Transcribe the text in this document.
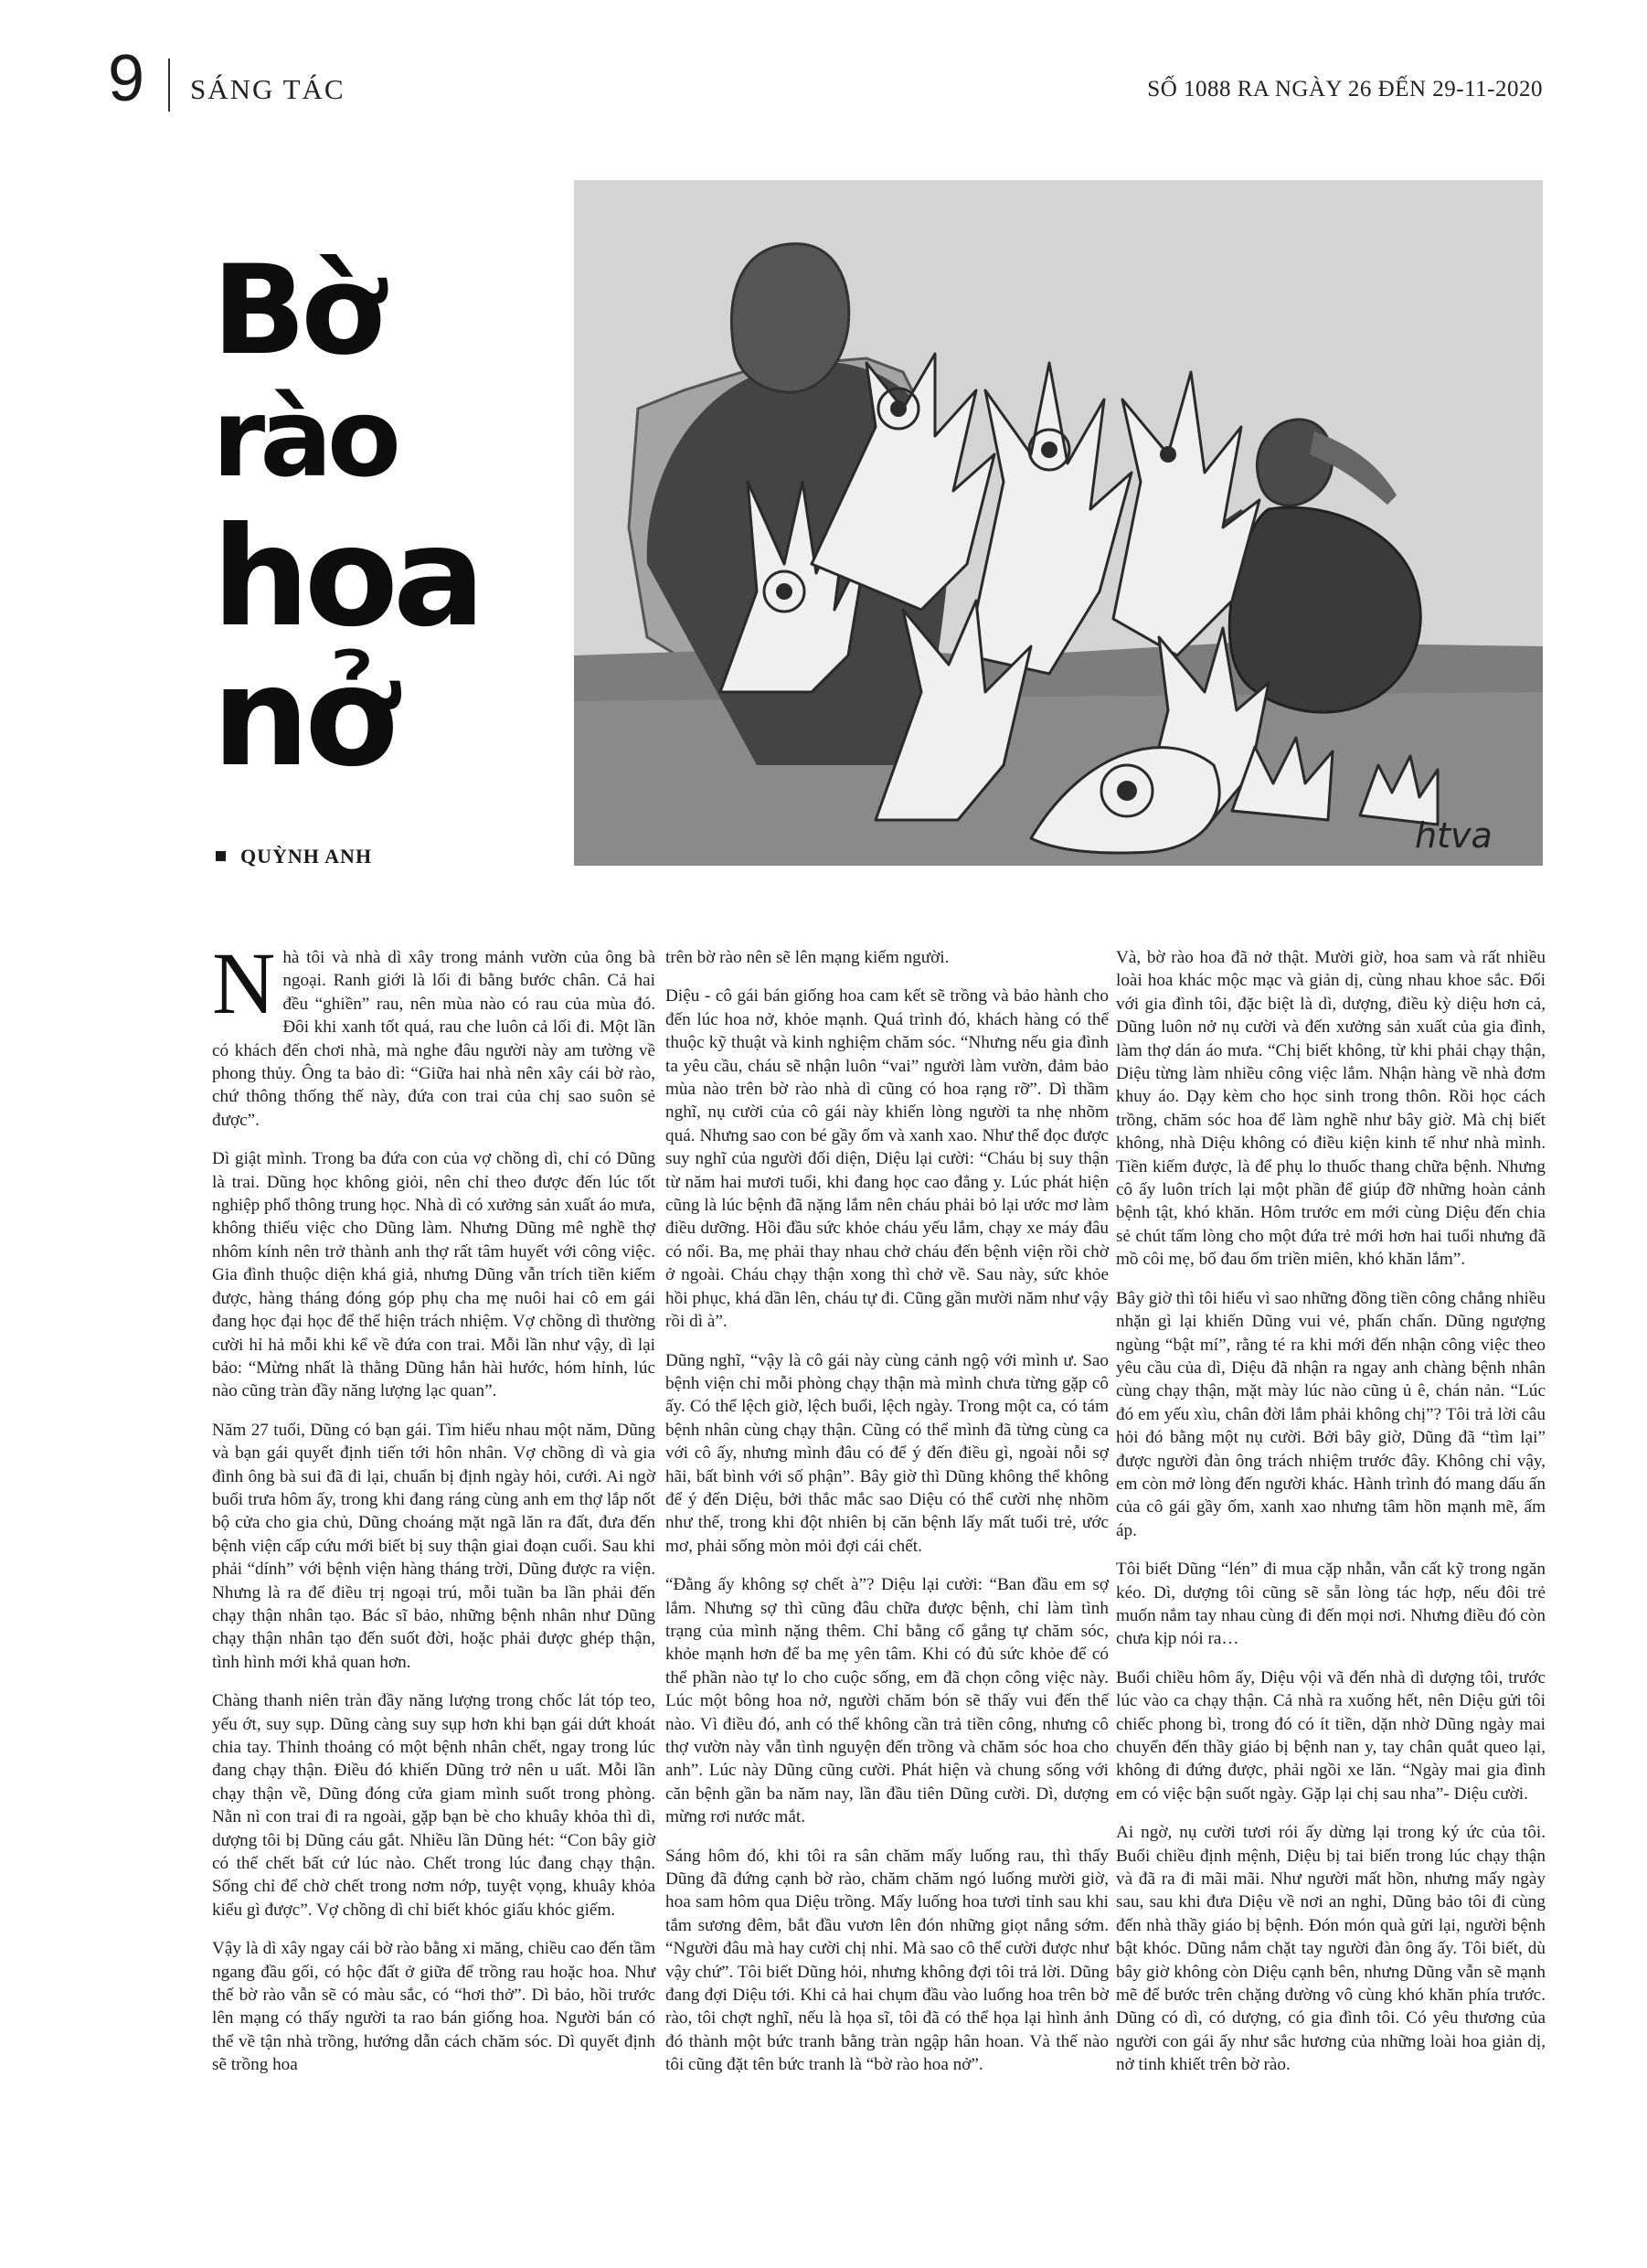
9 SÁNG TÁC	SỐ 1088 RA NGÀY 26 ĐẾN 29-11-2020
Bờ
rào
hoa
nở
QUỲNH ANH
htva

Nhà tôi và nhà dì xây trong mảnh vườn của ông bà ngoại. Ranh giới là lối đi bằng bước chân. Cả hai đều “ghiền” rau, nên mùa nào có rau của mùa đó. Đôi khi xanh tốt quá, rau che luôn cả lối đi. Một lần có khách đến chơi nhà, mà nghe đâu người này am tường về phong thủy. Ông ta bảo dì: “Giữa hai nhà nên xây cái bờ rào, chứ thông thống thế này, đứa con trai của chị sao suôn sẻ được”.

Dì giật mình. Trong ba đứa con của vợ chồng dì, chỉ có Dũng là trai. Dũng học không giỏi, nên chỉ theo được đến lúc tốt nghiệp phổ thông trung học. Nhà dì có xưởng sản xuất áo mưa, không thiếu việc cho Dũng làm. Nhưng Dũng mê nghề thợ nhôm kính nên trở thành anh thợ rất tâm huyết với công việc. Gia đình thuộc diện khá giả, nhưng Dũng vẫn trích tiền kiếm được, hàng tháng đóng góp phụ cha mẹ nuôi hai cô em gái đang học đại học để thể hiện trách nhiệm. Vợ chồng dì thường cười hỉ hả mỗi khi kể về đứa con trai. Mỗi lần như vậy, dì lại bảo: “Mừng nhất là thằng Dũng hắn hài hước, hóm hỉnh, lúc nào cũng tràn đầy năng lượng lạc quan”.

Năm 27 tuổi, Dũng có bạn gái. Tìm hiểu nhau một năm, Dũng và bạn gái quyết định tiến tới hôn nhân. Vợ chồng dì và gia đình ông bà sui đã đi lại, chuẩn bị định ngày hỏi, cưới. Ai ngờ buổi trưa hôm ấy, trong khi đang ráng cùng anh em thợ lắp nốt bộ cửa cho gia chủ, Dũng choáng mặt ngã lăn ra đất, đưa đến bệnh viện cấp cứu mới biết bị suy thận giai đoạn cuối. Sau khi phải “dính” với bệnh viện hàng tháng trời, Dũng được ra viện. Nhưng là ra để điều trị ngoại trú, mỗi tuần ba lần phải đến chạy thận nhân tạo. Bác sĩ bảo, những bệnh nhân như Dũng chạy thận nhân tạo đến suốt đời, hoặc phải được ghép thận, tình hình mới khả quan hơn.

Chàng thanh niên tràn đầy năng lượng trong chốc lát tóp teo, yếu ớt, suy sụp. Dũng càng suy sụp hơn khi bạn gái dứt khoát chia tay. Thỉnh thoảng có một bệnh nhân chết, ngay trong lúc đang chạy thận. Điều đó khiến Dũng trở nên u uất. Mỗi lần chạy thận về, Dũng đóng cửa giam mình suốt trong phòng. Nằn nì con trai đi ra ngoài, gặp bạn bè cho khuây khỏa thì dì, dượng tôi bị Dũng cáu gắt. Nhiều lần Dũng hét: “Con bây giờ có thể chết bất cứ lúc nào. Chết trong lúc đang chạy thận. Sống chỉ để chờ chết trong nơm nớp, tuyệt vọng, khuây khỏa kiểu gì được”. Vợ chồng dì chỉ biết khóc giấu khóc giếm.

Vậy là dì xây ngay cái bờ rào bằng xi măng, chiều cao đến tầm ngang đầu gối, có hộc đất ở giữa để trồng rau hoặc hoa. Như thế bờ rào vẫn sẽ có màu sắc, có “hơi thở”. Dì bảo, hồi trước lên mạng có thấy người ta rao bán giống hoa. Người bán có thể về tận nhà trồng, hướng dẫn cách chăm sóc. Dì quyết định sẽ trồng hoa

trên bờ rào nên sẽ lên mạng kiếm người.

Diệu - cô gái bán giống hoa cam kết sẽ trồng và bảo hành cho đến lúc hoa nở, khỏe mạnh. Quá trình đó, khách hàng có thể thuộc kỹ thuật và kinh nghiệm chăm sóc. “Nhưng nếu gia đình ta yêu cầu, cháu sẽ nhận luôn “vai” người làm vườn, đảm bảo mùa nào trên bờ rào nhà dì cũng có hoa rạng rỡ”. Dì thầm nghĩ, nụ cười của cô gái này khiến lòng người ta nhẹ nhõm quá. Nhưng sao con bé gầy ốm và xanh xao. Như thể đọc được suy nghĩ của người đối diện, Diệu lại cười: “Cháu bị suy thận từ năm hai mươi tuổi, khi đang học cao đẳng y. Lúc phát hiện cũng là lúc bệnh đã nặng lắm nên cháu phải bỏ lại ước mơ làm điều dưỡng. Hồi đầu sức khỏe cháu yếu lắm, chạy xe máy đâu có nổi. Ba, mẹ phải thay nhau chở cháu đến bệnh viện rồi chờ ở ngoài. Cháu chạy thận xong thì chở về. Sau này, sức khỏe hồi phục, khá dần lên, cháu tự đi. Cũng gần mười năm như vậy rồi dì à”.

Dũng nghĩ, “vậy là cô gái này cùng cảnh ngộ với mình ư. Sao bệnh viện chỉ mỗi phòng chạy thận mà mình chưa từng gặp cô ấy. Có thể lệch giờ, lệch buổi, lệch ngày. Trong một ca, có tám bệnh nhân cùng chạy thận. Cũng có thể mình đã từng cùng ca với cô ấy, nhưng mình đâu có để ý đến điều gì, ngoài nỗi sợ hãi, bất bình với số phận”. Bây giờ thì Dũng không thể không để ý đến Diệu, bởi thắc mắc sao Diệu có thể cười nhẹ nhõm như thế, trong khi đột nhiên bị căn bệnh lấy mất tuổi trẻ, ước mơ, phải sống mòn mỏi đợi cái chết.

“Đằng ấy không sợ chết à”? Diệu lại cười: “Ban đầu em sợ lắm. Nhưng sợ thì cũng đâu chữa được bệnh, chỉ làm tình trạng của mình nặng thêm. Chỉ bằng cố gắng tự chăm sóc, khỏe mạnh hơn để ba mẹ yên tâm. Khi có đủ sức khỏe để có thể phần nào tự lo cho cuộc sống, em đã chọn công việc này. Lúc một bông hoa nở, người chăm bón sẽ thấy vui đến thế nào. Vì điều đó, anh có thể không cần trả tiền công, nhưng cô thợ vườn này vẫn tình nguyện đến trồng và chăm sóc hoa cho anh”. Lúc này Dũng cũng cười. Phát hiện và chung sống với căn bệnh gần ba năm nay, lần đầu tiên Dũng cười. Dì, dượng mừng rơi nước mắt.

Sáng hôm đó, khi tôi ra sân chăm mấy luống rau, thì thấy Dũng đã đứng cạnh bờ rào, chăm chăm ngó luống mười giờ, hoa sam hôm qua Diệu trồng. Mấy luống hoa tươi tỉnh sau khi tắm sương đêm, bắt đầu vươn lên đón những giọt nắng sớm. “Người đâu mà hay cười chị nhỉ. Mà sao cô thể cười được như vậy chứ”. Tôi biết Dũng hỏi, nhưng không đợi tôi trả lời. Dũng đang đợi Diệu tới. Khi cả hai chụm đầu vào luống hoa trên bờ rào, tôi chợt nghĩ, nếu là họa sĩ, tôi đã có thể họa lại hình ảnh đó thành một bức tranh bằng tràn ngập hân hoan. Và thế nào tôi cũng đặt tên bức tranh là “bờ rào hoa nở”.

Và, bờ rào hoa đã nở thật. Mười giờ, hoa sam và rất nhiều loài hoa khác mộc mạc và giản dị, cùng nhau khoe sắc. Đối với gia đình tôi, đặc biệt là dì, dượng, điều kỳ diệu hơn cả, Dũng luôn nở nụ cười và đến xưởng sản xuất của gia đình, làm thợ dán áo mưa. “Chị biết không, từ khi phải chạy thận, Diệu từng làm nhiều công việc lắm. Nhận hàng về nhà đơm khuy áo. Dạy kèm cho học sinh trong thôn. Rồi học cách trồng, chăm sóc hoa để làm nghề như bây giờ. Mà chị biết không, nhà Diệu không có điều kiện kinh tế như nhà mình. Tiền kiếm được, là để phụ lo thuốc thang chữa bệnh. Nhưng cô ấy luôn trích lại một phần để giúp đỡ những hoàn cảnh bệnh tật, khó khăn. Hôm trước em mới cùng Diệu đến chia sẻ chút tấm lòng cho một đứa trẻ mới hơn hai tuổi nhưng đã mồ côi mẹ, bố đau ốm triền miên, khó khăn lắm”.

Bây giờ thì tôi hiểu vì sao những đồng tiền công chẳng nhiều nhặn gì lại khiến Dũng vui vẻ, phấn chấn. Dũng ngượng ngùng “bật mí”, rằng té ra khi mới đến nhận công việc theo yêu cầu của dì, Diệu đã nhận ra ngay anh chàng bệnh nhân cùng chạy thận, mặt mày lúc nào cũng ủ ê, chán nản. “Lúc đó em yếu xìu, chân đời lắm phải không chị”? Tôi trả lời câu hỏi đó bằng một nụ cười. Bởi bây giờ, Dũng đã “tìm lại” được người đàn ông trách nhiệm trước đây. Không chỉ vậy, em còn mở lòng đến người khác. Hành trình đó mang dấu ấn của cô gái gầy ốm, xanh xao nhưng tâm hồn mạnh mẽ, ấm áp.

Tôi biết Dũng “lén” đi mua cặp nhẫn, vẫn cất kỹ trong ngăn kéo. Dì, dượng tôi cũng sẽ sẵn lòng tác hợp, nếu đôi trẻ muốn nắm tay nhau cùng đi đến mọi nơi. Nhưng điều đó còn chưa kịp nói ra…

Buổi chiều hôm ấy, Diệu vội vã đến nhà dì dượng tôi, trước lúc vào ca chạy thận. Cả nhà ra xuống hết, nên Diệu gửi tôi chiếc phong bì, trong đó có ít tiền, dặn nhờ Dũng ngày mai chuyển đến thầy giáo bị bệnh nan y, tay chân quắt queo lại, không đi đứng được, phải ngồi xe lăn. “Ngày mai gia đình em có việc bận suốt ngày. Gặp lại chị sau nha”- Diệu cười.

Ai ngờ, nụ cười tươi rói ấy dừng lại trong ký ức của tôi. Buổi chiều định mệnh, Diệu bị tai biến trong lúc chạy thận và đã ra đi mãi mãi. Như người mất hồn, nhưng mấy ngày sau, sau khi đưa Diệu về nơi an nghỉ, Dũng bảo tôi đi cùng đến nhà thầy giáo bị bệnh. Đón món quà gửi lại, người bệnh bật khóc. Dũng nắm chặt tay người đàn ông ấy. Tôi biết, dù bây giờ không còn Diệu cạnh bên, nhưng Dũng vẫn sẽ mạnh mẽ để bước trên chặng đường vô cùng khó khăn phía trước. Dũng có dì, có dượng, có gia đình tôi. Có yêu thương của người con gái ấy như sắc hương của những loài hoa giản dị, nở tinh khiết trên bờ rào.
